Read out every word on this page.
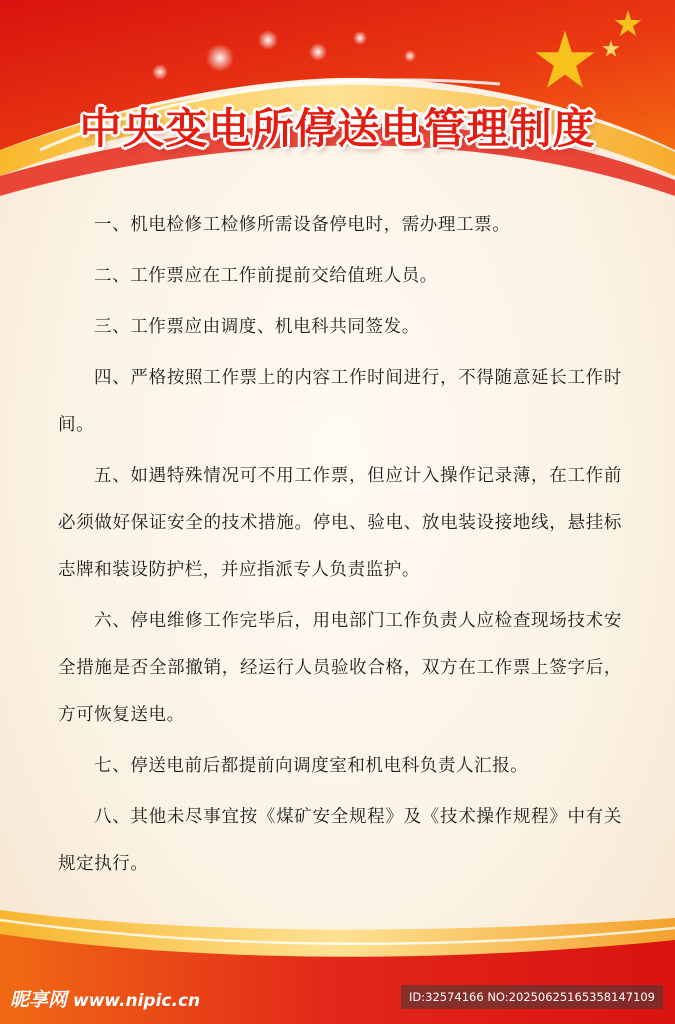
中央变电所停送电管理制度

一、机电检修工检修所需设备停电时，需办理工票。

二、工作票应在工作前提前交给值班人员。

三、工作票应由调度、机电科共同签发。

四、严格按照工作票上的内容工作时间进行，不得随意延长工作时间。

五、如遇特殊情况可不用工作票，但应计入操作记录薄，在工作前必须做好保证安全的技术措施。停电、验电、放电装设接地线，悬挂标志牌和装设防护栏，并应指派专人负责监护。

六、停电维修工作完毕后，用电部门工作负责人应检查现场技术安全措施是否全部撤销，经运行人员验收合格，双方在工作票上签字后，方可恢复送电。

七、停送电前后都提前向调度室和机电科负责人汇报。

八、其他未尽事宜按《煤矿安全规程》及《技术操作规程》中有关规定执行。

昵享网 www.nipic.cn	ID:32574166 NO:20250625165358147109
